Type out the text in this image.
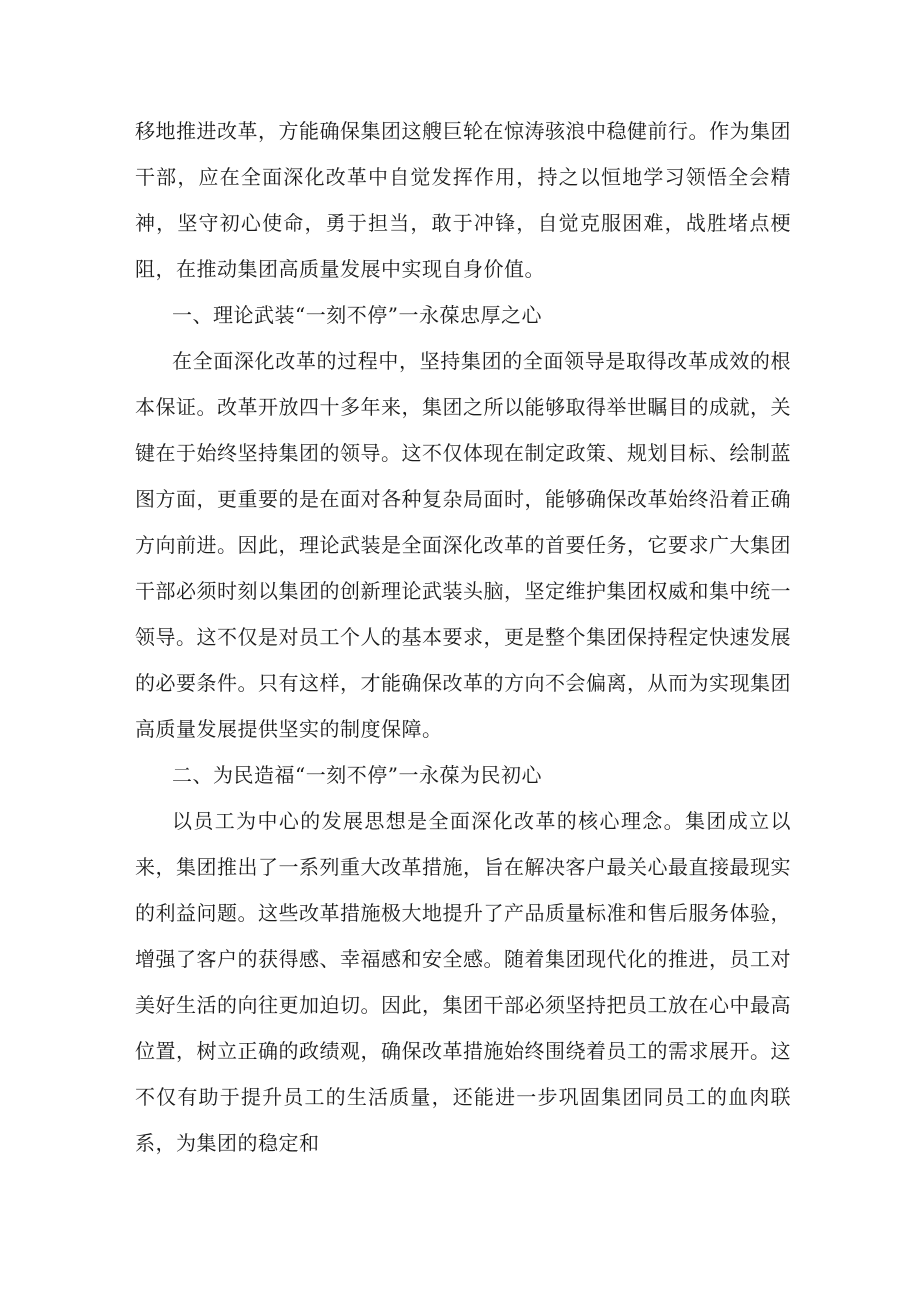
移地推进改革，方能确保集团这艘巨轮在惊涛骇浪中稳健前行。作为集团干部，应在全面深化改革中自觉发挥作用，持之以恒地学习领悟全会精神，坚守初心使命，勇于担当，敢于冲锋，自觉克服困难，战胜堵点梗阻，在推动集团高质量发展中实现自身价值。

一、理论武装“一刻不停”一永葆忠厚之心

在全面深化改革的过程中，坚持集团的全面领导是取得改革成效的根本保证。改革开放四十多年来，集团之所以能够取得举世瞩目的成就，关键在于始终坚持集团的领导。这不仅体现在制定政策、规划目标、绘制蓝图方面，更重要的是在面对各种复杂局面时，能够确保改革始终沿着正确方向前进。因此，理论武装是全面深化改革的首要任务，它要求广大集团干部必须时刻以集团的创新理论武装头脑，坚定维护集团权威和集中统一领导。这不仅是对员工个人的基本要求，更是整个集团保持程定快速发展的必要条件。只有这样，才能确保改革的方向不会偏离，从而为实现集团高质量发展提供坚实的制度保障。

二、为民造福“一刻不停”一永葆为民初心

以员工为中心的发展思想是全面深化改革的核心理念。集团成立以来，集团推出了一系列重大改革措施，旨在解决客户最关心最直接最现实的利益问题。这些改革措施极大地提升了产品质量标准和售后服务体验，增强了客户的获得感、幸福感和安全感。随着集团现代化的推进，员工对美好生活的向往更加迫切。因此，集团干部必须坚持把员工放在心中最高位置，树立正确的政绩观，确保改革措施始终围绕着员工的需求展开。这不仅有助于提升员工的生活质量，还能进一步巩固集团同员工的血肉联系，为集团的稳定和
